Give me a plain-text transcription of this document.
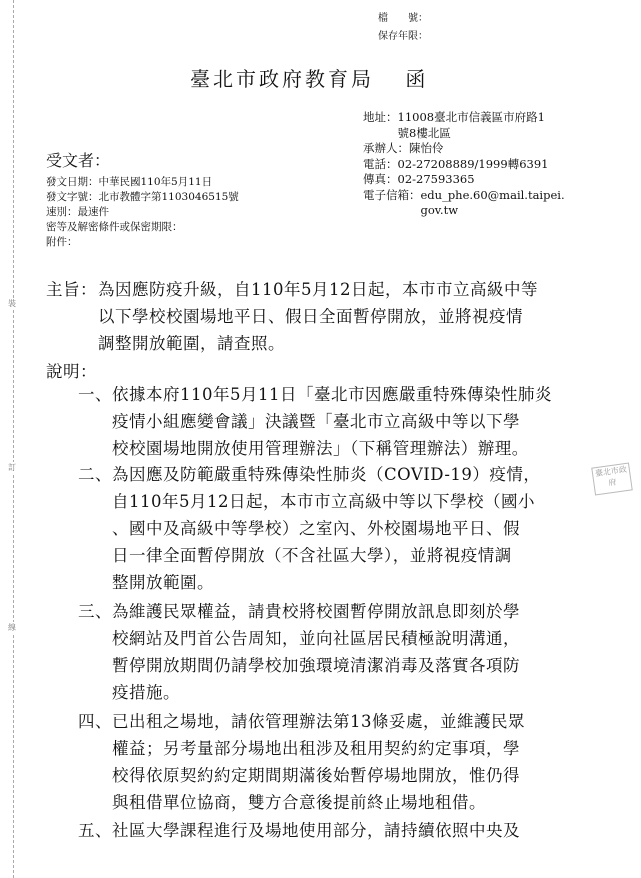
裝
訂
線
檔　　號：
保存年限：
臺北市政府教育局 函
地址： 11008臺北市信義區市府路1
號8樓北區
承辦人：陳怡伶
電話：02-27208889/1999轉6391
傳真：02-27593365
電子信箱： edu_phe.60@mail.taipei.
gov.tw
受文者：
發文日期：中華民國110年5月11日
發文字號：北市教體字第1103046515號
速別：最速件
密等及解密條件或保密期限：
附件：
主旨： 為因應防疫升級，自110年5月12日起，本市市立高級中等
以下學校校園場地平日、假日全面暫停開放，並將視疫情
調整開放範圍，請查照。
說明：
一、依據本府110年5月11日「臺北市因應嚴重特殊傳染性肺炎
疫情小組應變會議」決議暨「臺北市立高級中等以下學
校校園場地開放使用管理辦法」（下稱管理辦法）辦理。
二、為因應及防範嚴重特殊傳染性肺炎（COVID-19）疫情，
自110年5月12日起，本市市立高級中等以下學校（國小
、國中及高級中等學校）之室內、外校園場地平日、假
日一律全面暫停開放（不含社區大學），並將視疫情調
整開放範圍。
三、為維護民眾權益，請貴校將校園暫停開放訊息即刻於學
校網站及門首公告周知，並向社區居民積極說明溝通，
暫停開放期間仍請學校加強環境清潔消毒及落實各項防
疫措施。
四、已出租之場地，請依管理辦法第13條妥處，並維護民眾
權益；另考量部分場地出租涉及租用契約約定事項，學
校得依原契約約定期間期滿後始暫停場地開放，惟仍得
與租借單位協商，雙方合意後提前終止場地租借。
五、社區大學課程進行及場地使用部分，請持續依照中央及
臺北市政府
